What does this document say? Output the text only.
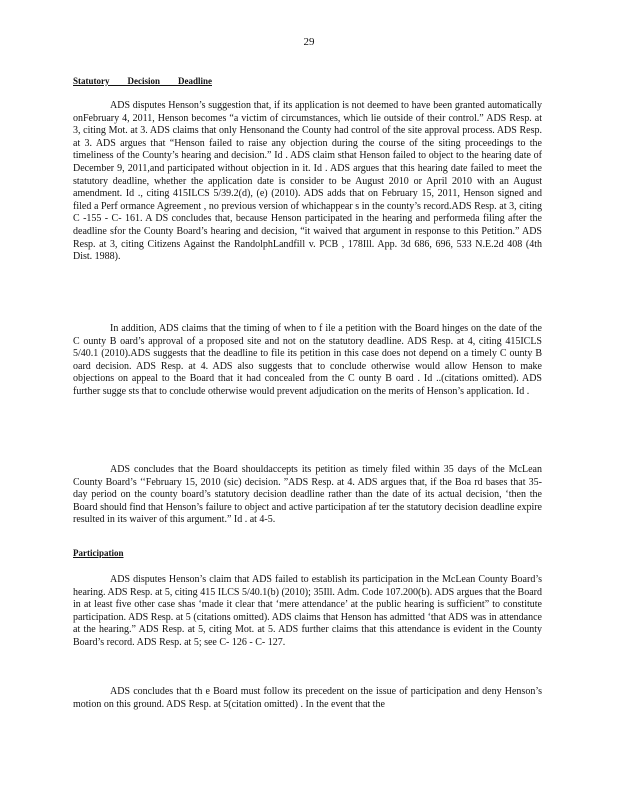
29
Statutory        Decision        Deadline

ADS disputes Henson’s suggestion that, if its application is not deemed to have been granted automatically onFebruary 4, 2011, Henson becomes “a victim of circumstances, which lie outside of their control.” ADS Resp. at 3, citing Mot. at 3. ADS claims that only Hensonand the County had control of the site approval process. ADS Resp. at 3. ADS argues that “Henson failed to raise any objection during the course of the siting proceedings to the timeliness of the County’s hearing and decision.” Id . ADS claim sthat Henson failed to object to the hearing date of December 9, 2011,and participated without objection in it. Id . ADS argues that this hearing date failed to meet the statutory deadline, whether the application date is consider to be August 2010 or April 2010 with an August amendment. Id ., citing 415ILCS 5/39.2(d), (e) (2010). ADS adds that on February 15, 2011, Henson signed and filed a Perf ormance Agreement , no previous version of whichappear s in the county’s record.ADS Resp. at 3, citing C -155 - C- 161. A DS concludes that, because Henson participated in the hearing and performeda filing after the deadline sfor the County Board’s hearing and decision, “it waived that argument in response to this Petition.” ADS Resp. at 3, citing Citizens Against the RandolphLandfill v. PCB , 178Ill. App. 3d 686, 696, 533 N.E.2d 408 (4th Dist. 1988).

In addition, ADS claims that the timing of when to f ile a petition with the Board hinges on the date of the C ounty B oard’s approval of a proposed site and not on the statutory deadline. ADS Resp. at 4, citing 415ICLS 5/40.1 (2010).ADS suggests that the deadline to file its petition in this case does not depend on a timely C ounty B oard decision. ADS Resp. at 4. ADS also suggests that to conclude otherwise would allow Henson to make objections on appeal to the Board that it had concealed from the C ounty B oard . Id ..(citations omitted). ADS further sugge sts that to conclude otherwise would prevent adjudication on the merits of Henson’s application. Id .

ADS concludes that the Board shouldaccepts its petition as timely filed within 35 days of the McLean County Board’s ‘‘February 15, 2010 (sic) decision. ”ADS Resp. at 4. ADS argues that, if the Boa rd bases that 35-day period on the county board’s statutory decision deadline rather than the date of its actual decision, ‘then the Board should find that Henson’s failure to object and active participation af ter the statutory decision deadline expire resulted in its waiver of this argument.” Id . at 4-5.

Participation

ADS disputes Henson’s claim that ADS failed to establish its participation in the McLean County Board’s hearing. ADS Resp. at 5, citing 415 ILCS 5/40.1(b) (2010); 35Ill. Adm. Code 107.200(b). ADS argues that the Board in at least five other case shas ‘made it clear that ‘mere attendance’ at the public hearing is sufficient” to constitute participation. ADS Resp. at 5 (citations omitted). ADS claims that Henson has admitted ‘that ADS was in attendance at the hearing.” ADS Resp. at 5, citing Mot. at 5. ADS further claims that this attendance is evident in the County Board’s record. ADS Resp. at 5; see C- 126 - C- 127.

ADS concludes that th e Board must follow its precedent on the issue of participation and deny Henson’s motion on this ground. ADS Resp. at 5(citation omitted) . In the event that the
